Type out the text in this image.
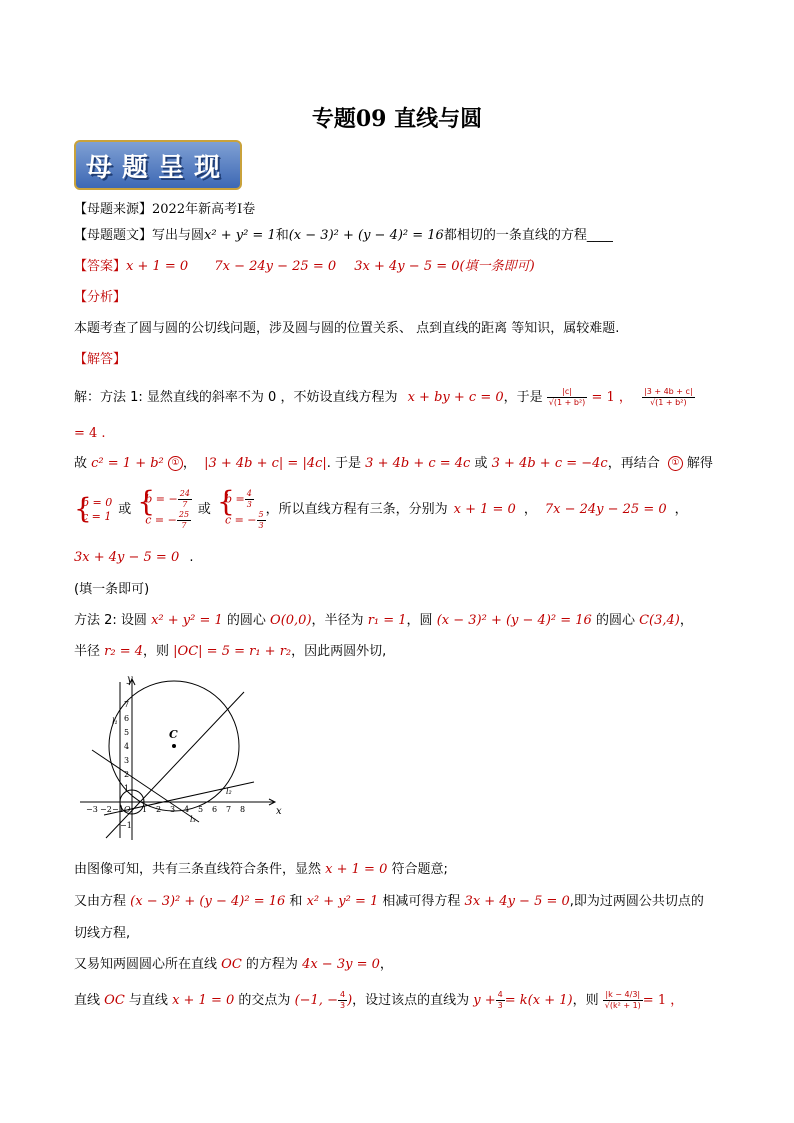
专题09 直线与圆
母题呈现
【母题来源】2022年新高考Ⅰ卷
【母题题文】写出与圆x² + y² = 1和(x − 3)² + (y − 4)² = 16都相切的一条直线的方程____
【答案】x + 1 = 0 7x − 24y − 25 = 0 3x + 4y − 5 = 0(填一条即可)
【分析】
本题考查了圆与圆的公切线问题，涉及圆与圆的位置关系、 点到直线的距离 等知识，属较难题.
【解答】
解：方法 1: 显然直线的斜率不为 0 ，不妨设直线方程为 x + by + c = 0，于是 $\frac{|c|}{\text{√(1 + b²)}} = 1$ ， $\frac{|3 + 4b + c|}{\text{√(1 + b²)}}$
= 4 .
故 c² = 1 + b² ① ， |3 + 4b + c| = |4c|. 于是 3 + 4b + c = 4c 或 3 + 4b + c = −4c，再结合 ① 解得
{ b = 0
c = 1 或
{ b = − $\frac{24}{7}$
c = − $\frac{25}{7}$
或
{ $b = \frac{4}{3}$
c = − $\frac{5}{3}$
，所以直线方程有三条，分别为 x + 1 = 0 ， 7x − 24y − 25 = 0 ，
3x + 4y − 5 = 0 .
(填一条即可)
方法 2: 设圆 x² + y² = 1 的圆心 O(0,0)，半径为 r₁ = 1，圆 (x − 3)² + (y − 4)² = 16 的圆心 C(3,4)，
半径 r₂ = 4，则 |OC| = 5 = r₁ + r₂，因此两圆外切,
C
x
y
O
l₁
l₂
l₃
−3 −2 −1 1 2 3 4 5 6 7 8
1
2
3
4
5
6
7
−1
由图像可知，共有三条直线符合条件，显然 x + 1 = 0 符合题意;
又由方程 (x − 3)² + (y − 4)² = 16 和 x² + y² = 1 相减可得方程 3x + 4y − 5 = 0,即为过两圆公共切点的
切线方程,
又易知两圆圆心所在直线 OC 的方程为 4x − 3y = 0，
直线 OC 与直线 x + 1 = 0 的交点为 (−1, − $\frac{4}{3}$ )，设过该点的直线为 $y + \frac{4}{3} = k(x + 1)$，则 $\frac{|k - 4/3|}{\text{√(k² + 1)}} = 1$ ，
